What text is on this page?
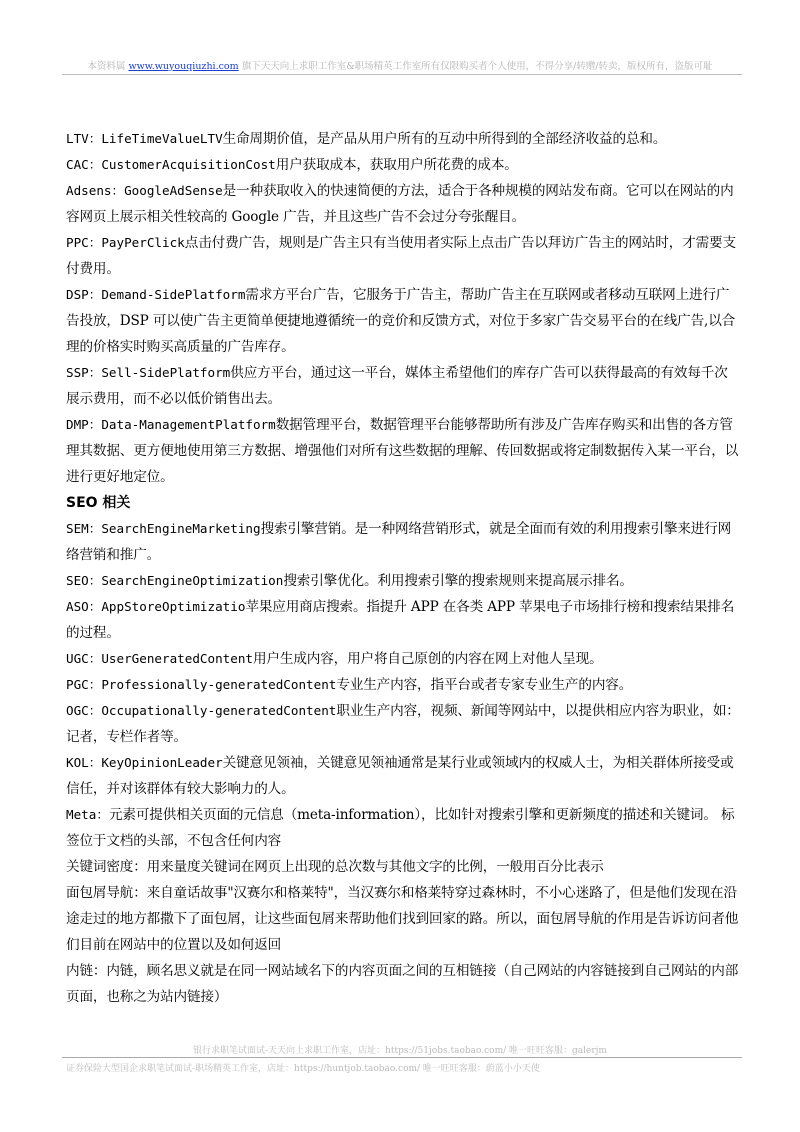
本资料属 www.wuyouqiuzhi.com 旗下天天向上求职工作室&职场精英工作室所有仅限购买者个人使用，不得分享/转赠/转卖，版权所有，盗版可耻

LTV：LifeTimeValueLTV生命周期价值，是产品从用户所有的互动中所得到的全部经济收益的总和。

CAC：CustomerAcquisitionCost用户获取成本，获取用户所花费的成本。

Adsens：GoogleAdSense是一种获取收入的快速简便的方法，适合于各种规模的网站发布商。它可以在网站的内容网页上展示相关性较高的 Google 广告，并且这些广告不会过分夸张醒目。

PPC：PayPerClick点击付费广告，规则是广告主只有当使用者实际上点击广告以拜访广告主的网站时，才需要支付费用。

DSP：Demand-SidePlatform需求方平台广告，它服务于广告主，帮助广告主在互联网或者移动互联网上进行广告投放，DSP 可以使广告主更简单便捷地遵循统一的竞价和反馈方式，对位于多家广告交易平台的在线广告,以合理的价格实时购买高质量的广告库存。

SSP：Sell-SidePlatform供应方平台，通过这一平台，媒体主希望他们的库存广告可以获得最高的有效每千次展示费用，而不必以低价销售出去。

DMP：Data-ManagementPlatform数据管理平台，数据管理平台能够帮助所有涉及广告库存购买和出售的各方管理其数据、更方便地使用第三方数据、增强他们对所有这些数据的理解、传回数据或将定制数据传入某一平台，以进行更好地定位。

SEO 相关

SEM：SearchEngineMarketing搜索引擎营销。是一种网络营销形式，就是全面而有效的利用搜索引擎来进行网络营销和推广。

SEO：SearchEngineOptimization搜索引擎优化。利用搜索引擎的搜索规则来提高展示排名。

ASO：AppStoreOptimizatio苹果应用商店搜索。指提升 APP 在各类 APP 苹果电子市场排行榜和搜索结果排名的过程。

UGC：UserGeneratedContent用户生成内容，用户将自己原创的内容在网上对他人呈现。

PGC：Professionally-generatedContent专业生产内容，指平台或者专家专业生产的内容。

OGC：Occupationally-generatedContent职业生产内容，视频、新闻等网站中，以提供相应内容为职业，如：记者，专栏作者等。

KOL：KeyOpinionLeader关键意见领袖，关键意见领袖通常是某行业或领域内的权威人士，为相关群体所接受或信任，并对该群体有较大影响力的人。

Meta：元素可提供相关页面的元信息（meta-information），比如针对搜索引擎和更新频度的描述和关键词。 标签位于文档的头部，不包含任何内容

关键词密度：用来量度关键词在网页上出现的总次数与其他文字的比例，一般用百分比表示

面包屑导航：来自童话故事"汉赛尔和格莱特"，当汉赛尔和格莱特穿过森林时，不小心迷路了，但是他们发现在沿途走过的地方都撒下了面包屑，让这些面包屑来帮助他们找到回家的路。所以，面包屑导航的作用是告诉访问者他们目前在网站中的位置以及如何返回

内链：内链，顾名思义就是在同一网站域名下的内容页面之间的互相链接（自己网站的内容链接到自己网站的内部页面，也称之为站内链接）

银行求职笔试面试-天天向上求职工作室，店址：https://51jobs.taobao.com/ 唯一旺旺客服：galerjm
证券保险大型国企求职笔试面试-职场精英工作室，店址：https://huntjob.taobao.com/ 唯一旺旺客服：蔚蓝小小天使
